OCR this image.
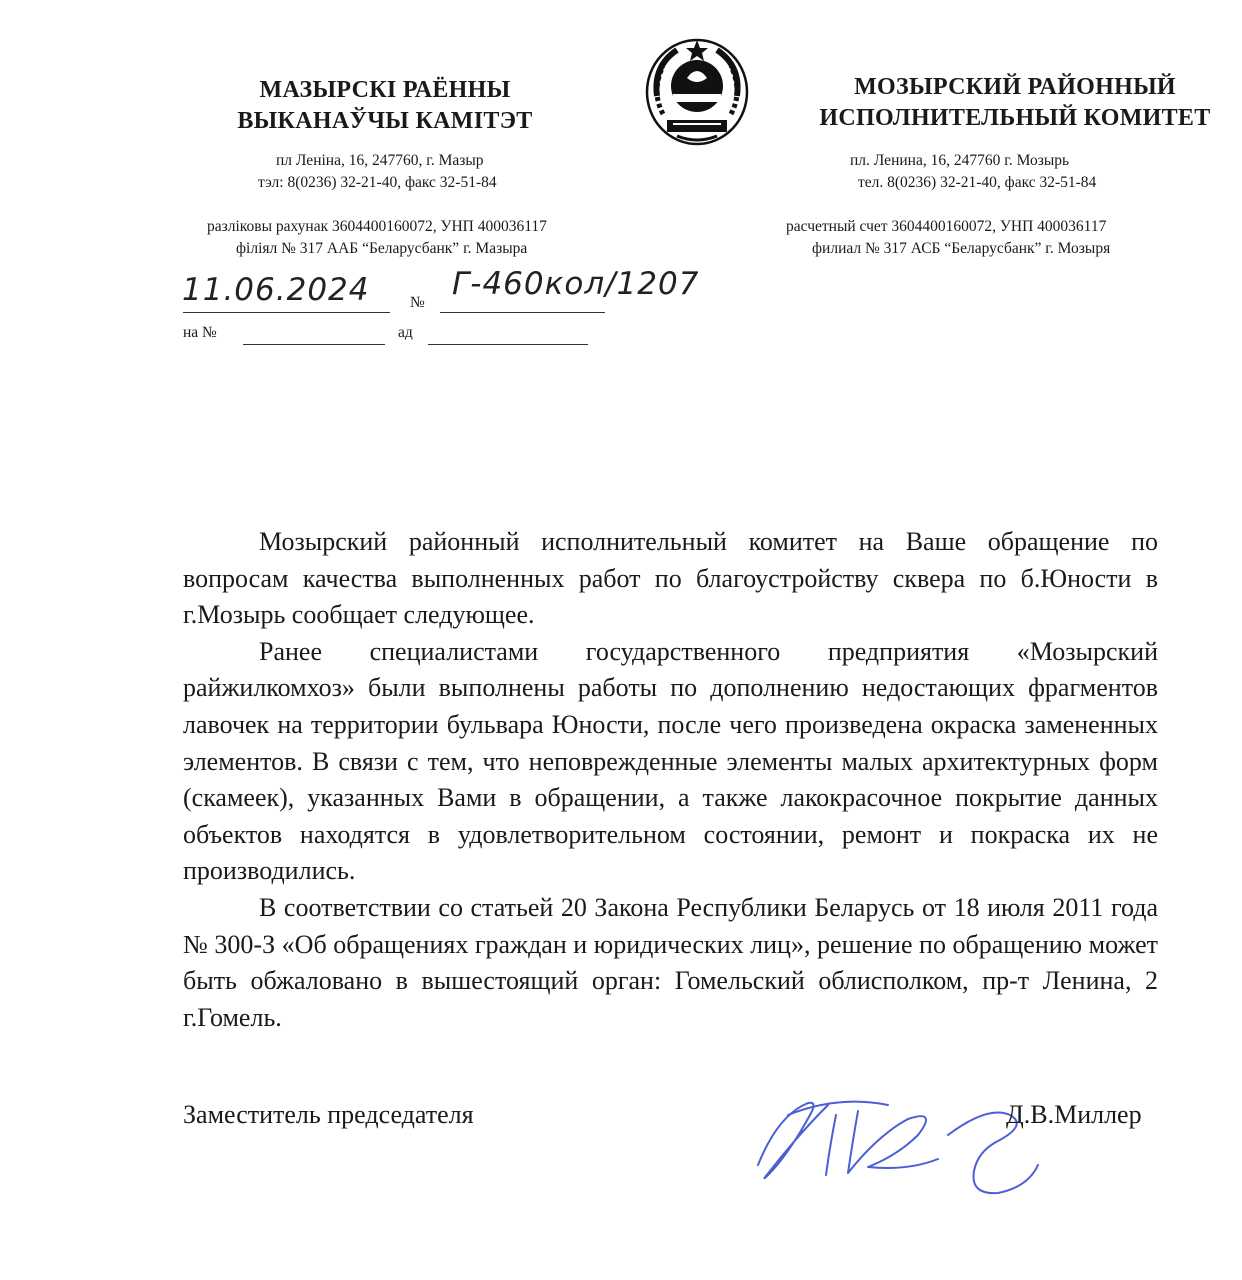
МАЗЫРСКІ РАЁННЫ
ВЫКАНАЎЧЫ КАМІТЭТ
пл Леніна, 16, 247760, г. Мазыр
тэл: 8(0236) 32-21-40, факс 32-51-84
разліковы рахунак 3604400160072, УНП 400036117
філіял № 317 ААБ “Беларусбанк” г. Мазыра
МОЗЫРСКИЙ РАЙОННЫЙ
ИСПОЛНИТЕЛЬНЫЙ КОМИТЕТ
пл. Ленина, 16, 247760 г. Мозырь
тел. 8(0236) 32-21-40, факс 32-51-84
расчетный счет 3604400160072, УНП 400036117
филиал № 317 АСБ “Беларусбанк” г. Мозыря
11.06.2024	№
Г-460кол/1207
на №	ад

Мозырский районный исполнительный комитет на Ваше обращение по вопросам качества выполненных работ по благоустройству сквера по б.Юности в г.Мозырь сообщает следующее.

Ранее специалистами государственного предприятия «Мозырский райжилкомхоз» были выполнены работы по дополнению недостающих фрагментов лавочек на территории бульвара Юности, после чего произведена окраска замененных элементов. В связи с тем, что неповрежденные элементы малых архитектурных форм (скамеек), указанных Вами в обращении, а также лакокрасочное покрытие данных объектов находятся в удовлетворительном состоянии, ремонт и покраска их не производились.

В соответствии со статьей 20 Закона Республики Беларусь от 18 июля 2011 года № 300-З «Об обращениях граждан и юридических лиц», решение по обращению может быть обжаловано в вышестоящий орган: Гомельский облисполком, пр-т Ленина, 2 г.Гомель.

Заместитель председателя	Д.В.Миллер
